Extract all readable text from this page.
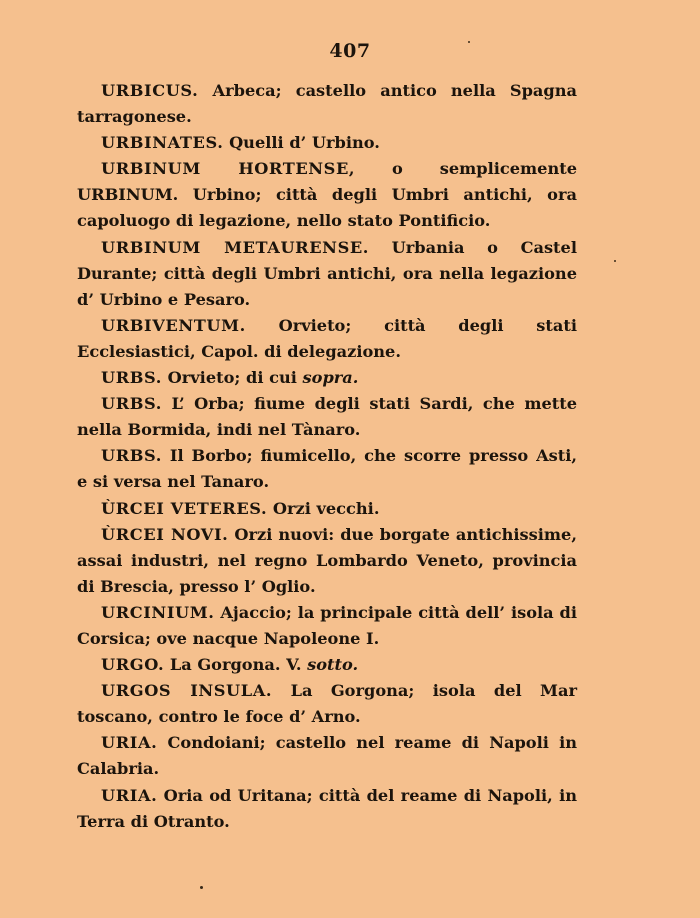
407

URBICUS. Arbeca; castello antico nella Spagna tarragonese.

URBINATES. Quelli d’ Urbino.

URBINUM HORTENSE, o semplicemente URBINUM. Urbino; città degli Umbri antichi, ora capoluogo di legazione, nello stato Pontificio.

URBINUM METAURENSE. Urbania o Castel Durante; città degli Umbri antichi, ora nella legazione d’ Urbino e Pesaro.

URBIVENTUM. Orvieto; città degli stati Ecclesiastici, Capol. di delegazione.

URBS. Orvieto; di cui sopra.

URBS. L’ Orba; fiume degli stati Sardi, che mette nella Bormida, indi nel Tànaro.

URBS. Il Borbo; fiumicello, che scorre presso Asti, e si versa nel Tanaro.

ÙRCEI VETERES. Orzi vecchi.

ÙRCEI NOVI. Orzi nuovi: due borgate antichissime, assai industri, nel regno Lombardo Veneto, provincia di Brescia, presso l’ Oglio.

URCINIUM. Ajaccio; la principale città dell’ isola di Corsica; ove nacque Napoleone I.

URGO. La Gorgona. V. sotto.

URGOS INSULA. La Gorgona; isola del Mar toscano, contro le foce d’ Arno.

URIA. Condoiani; castello nel reame di Napoli in Calabria.

URIA. Oria od Uritana; città del reame di Napoli, in Terra di Otranto.
